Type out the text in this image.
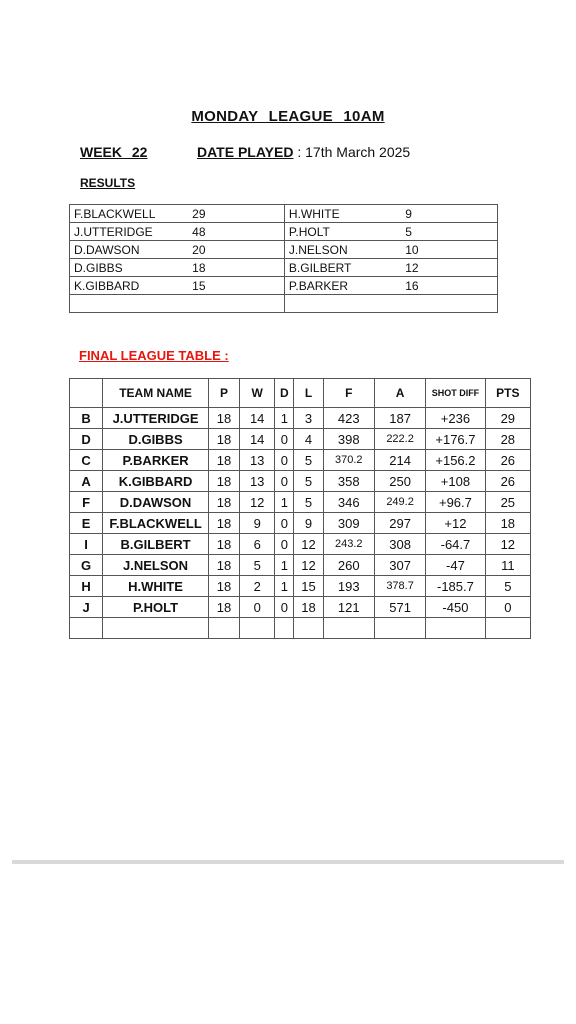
MONDAY LEAGUE 10AM
WEEK 22	DATE PLAYED : 17th March 2025
RESULTS
F.BLACKWELL	29	H.WHITE	9
J.UTTERIDGE	48	P.HOLT	5
D.DAWSON	20	J.NELSON	10
D.GIBBS	18	B.GILBERT	12
K.GIBBARD	15	P.BARKER	16

FINAL LEAGUE TABLE :
	TEAM NAME	P	W	D	L	F	A	SHOT DIFF	PTS
B	J.UTTERIDGE	18	14	1	3	423	187	+236	29
D	D.GIBBS	18	14	0	4	398	222.2	+176.7	28
C	P.BARKER	18	13	0	5	370.2	214	+156.2	26
A	K.GIBBARD	18	13	0	5	358	250	+108	26
F	D.DAWSON	18	12	1	5	346	249.2	+96.7	25
E	F.BLACKWELL	18	9	0	9	309	297	+12	18
I	B.GILBERT	18	6	0	12	243.2	308	-64.7	12
G	J.NELSON	18	5	1	12	260	307	-47	11
H	H.WHITE	18	2	1	15	193	378.7	-185.7	5
J	P.HOLT	18	0	0	18	121	571	-450	0
